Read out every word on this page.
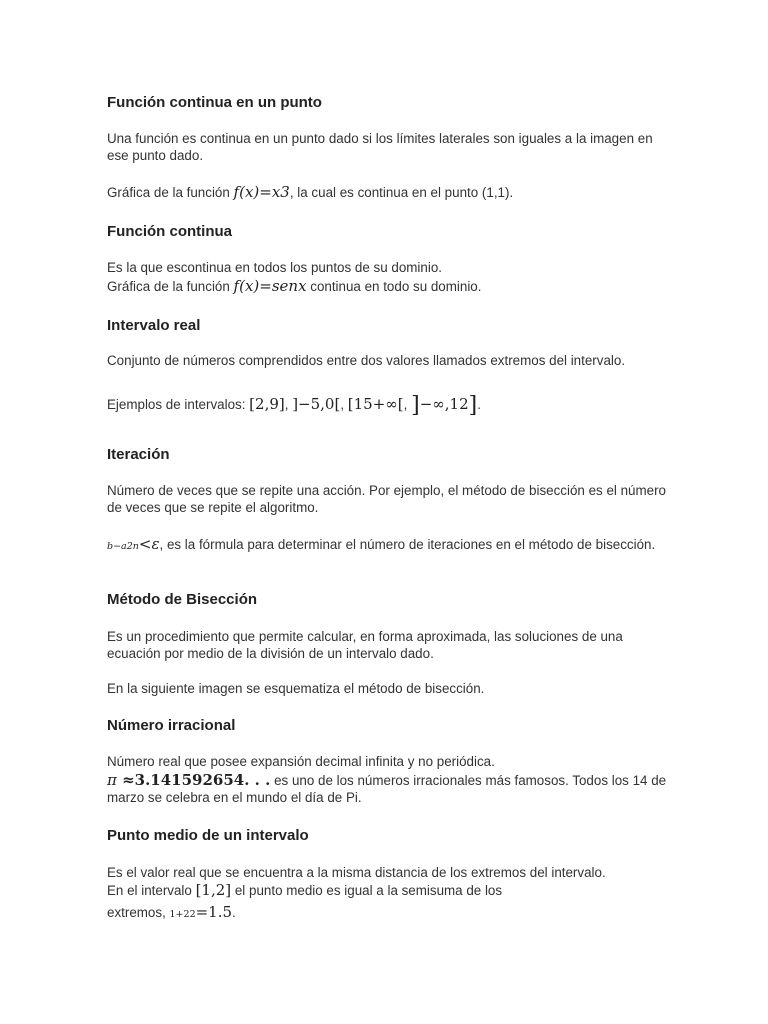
Función continua en un punto

Una función es continua en un punto dado si los límites laterales son iguales a la imagen en ese punto dado.

Gráfica de la función f(x)=x3, la cual es continua en el punto (1,1).

Función continua

Es la que escontinua en todos los puntos de su dominio.

Gráfica de la función f(x)=senx continua en todo su dominio.

Intervalo real

Conjunto de números comprendidos entre dos valores llamados extremos del intervalo.

Ejemplos de intervalos: [2,9], ]−5,0[, [15+∞[, ]−∞,12].

Iteración

Número de veces que se repite una acción. Por ejemplo, el método de bisección es el número de veces que se repite el algoritmo.

b−a2n<ε, es la fórmula para determinar el número de iteraciones en el método de bisección.

Método de Bisección

Es un procedimiento que permite calcular, en forma aproximada, las soluciones de una ecuación por medio de la división de un intervalo dado.

En la siguiente imagen se esquematiza el método de bisección.

Número irracional

Número real que posee expansión decimal infinita y no periódica.

π ≈3.141592654. . . es uno de los números irracionales más famosos. Todos los 14 de marzo se celebra en el mundo el día de Pi.

Punto medio de un intervalo

Es el valor real que se encuentra a la misma distancia de los extremos del intervalo.

En el intervalo [1,2] el punto medio es igual a la semisuma de los

extremos, 1+22=1.5.
